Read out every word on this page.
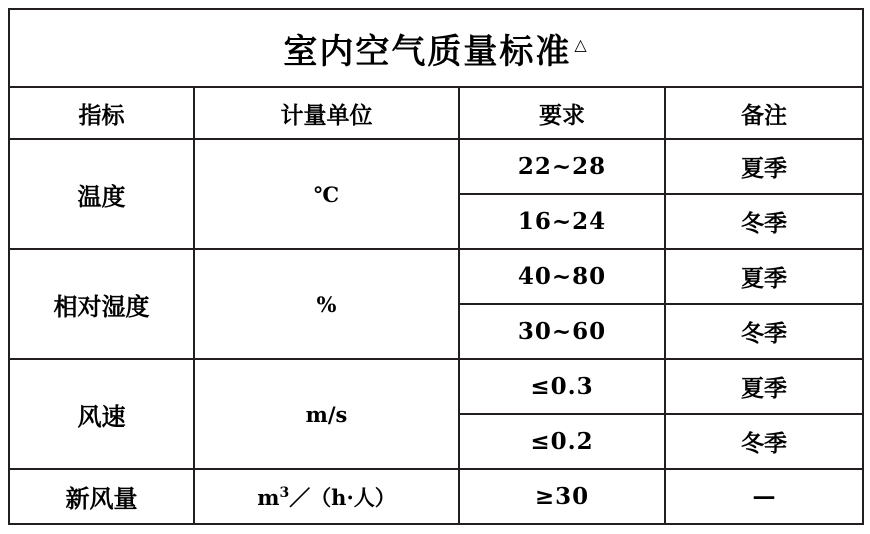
室内空气质量标准 △
指标	计量单位	要求	备注
温度	℃	22~28	夏季
		16~24	冬季
相对湿度	%	40~80	夏季
		30~60	冬季
风速	m/s	≤0.3	夏季
		≤0.2	冬季
新风量	$m^3/(h\cdot$人）	≥30	—
